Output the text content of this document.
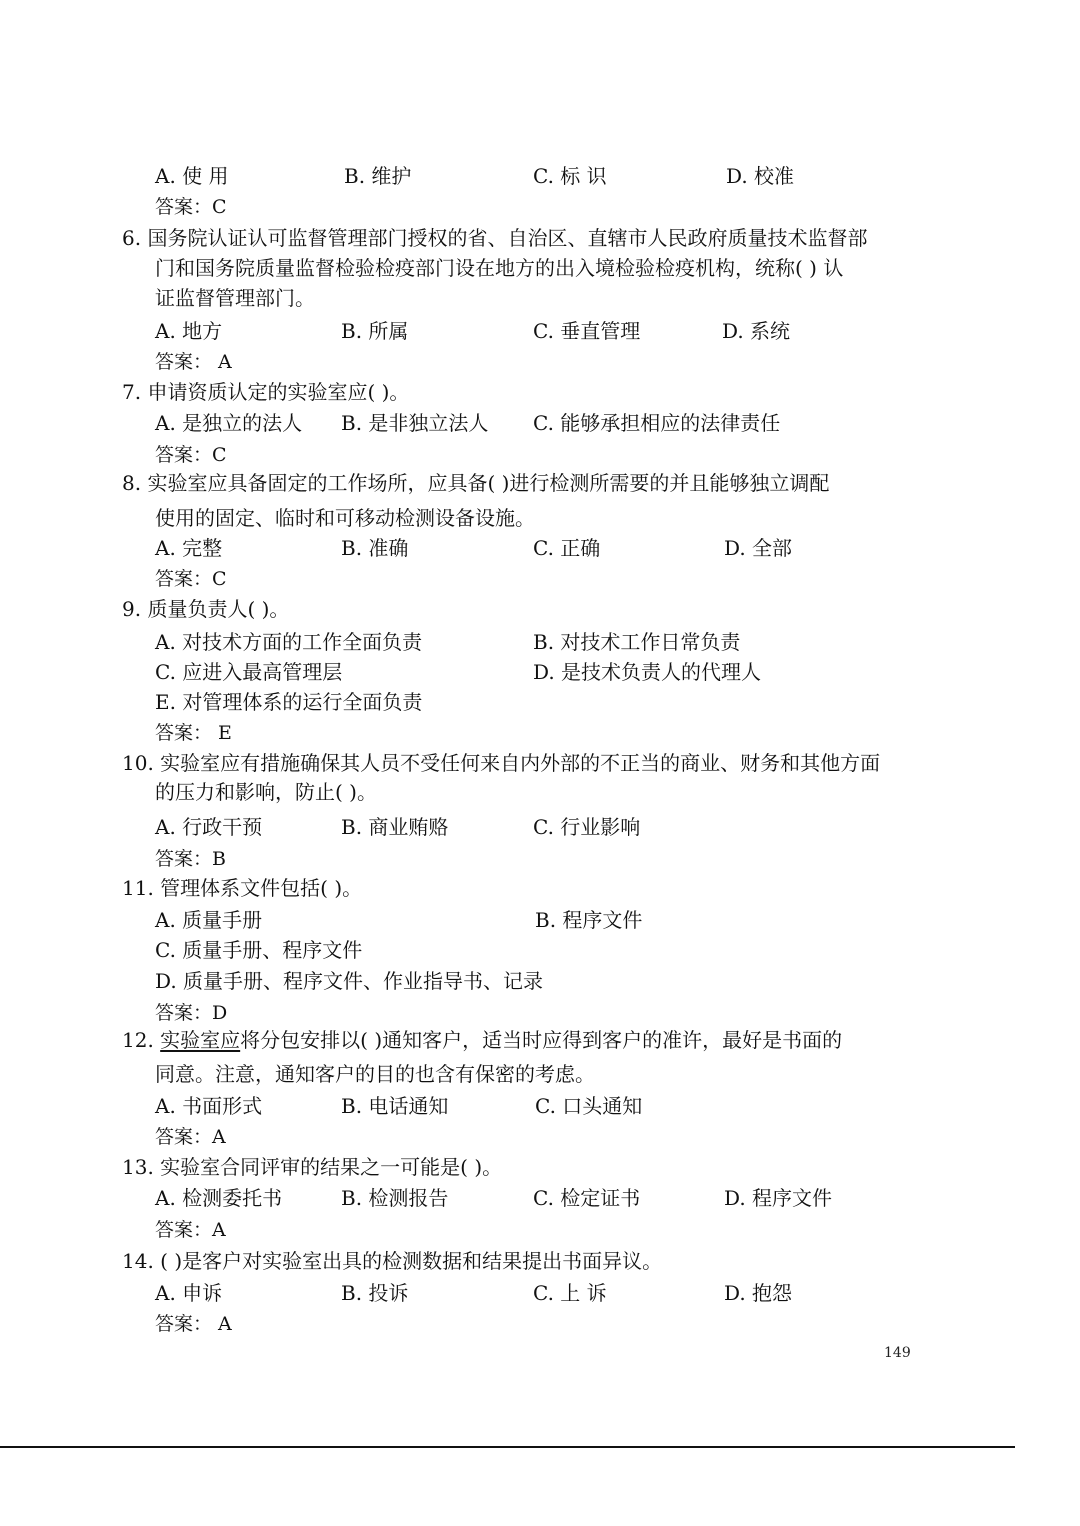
A. 使 用	B. 维护	C. 标 识	D. 校准
答案：C
6. 国务院认证认可监督管理部门授权的省、自治区、直辖市人民政府质量技术监督部
门和国务院质量监督检验检疫部门设在地方的出入境检验检疫机构，统称( ) 认
证监督管理部门。
A. 地方	B. 所属	C. 垂直管理	D. 系统
答案： A
7. 申请资质认定的实验室应( )。
A. 是独立的法人 B. 是非独立法人 C. 能够承担相应的法律责任
答案：C
8. 实验室应具备固定的工作场所，应具备( )进行检测所需要的并且能够独立调配
使用的固定、临时和可移动检测设备设施。
A. 完整	B. 准确	C. 正确	D. 全部
答案：C
9. 质量负责人( )。
A. 对技术方面的工作全面负责	B. 对技术工作日常负责
C. 应进入最高管理层	D. 是技术负责人的代理人
E. 对管理体系的运行全面负责
答案： E
10. 实验室应有措施确保其人员不受任何来自内外部的不正当的商业、财务和其他方面
的压力和影响，防止( )。
A. 行政干预	B. 商业贿赂	C. 行业影响
答案：B
11. 管理体系文件包括( )。
A. 质量手册	B. 程序文件
C. 质量手册、程序文件
D. 质量手册、程序文件、作业指导书、记录
答案：D
12. 实验室应将分包安排以( )通知客户，适当时应得到客户的准许，最好是书面的
同意。注意，通知客户的目的也含有保密的考虑。
A. 书面形式	B. 电话通知	C. 口头通知
答案：A
13. 实验室合同评审的结果之一可能是( )。
A. 检测委托书	B. 检测报告	C. 检定证书	D. 程序文件
答案：A
14. ( )是客户对实验室出具的检测数据和结果提出书面异议。
A. 申诉	B. 投诉	C. 上 诉	D. 抱怨
答案： A
149
